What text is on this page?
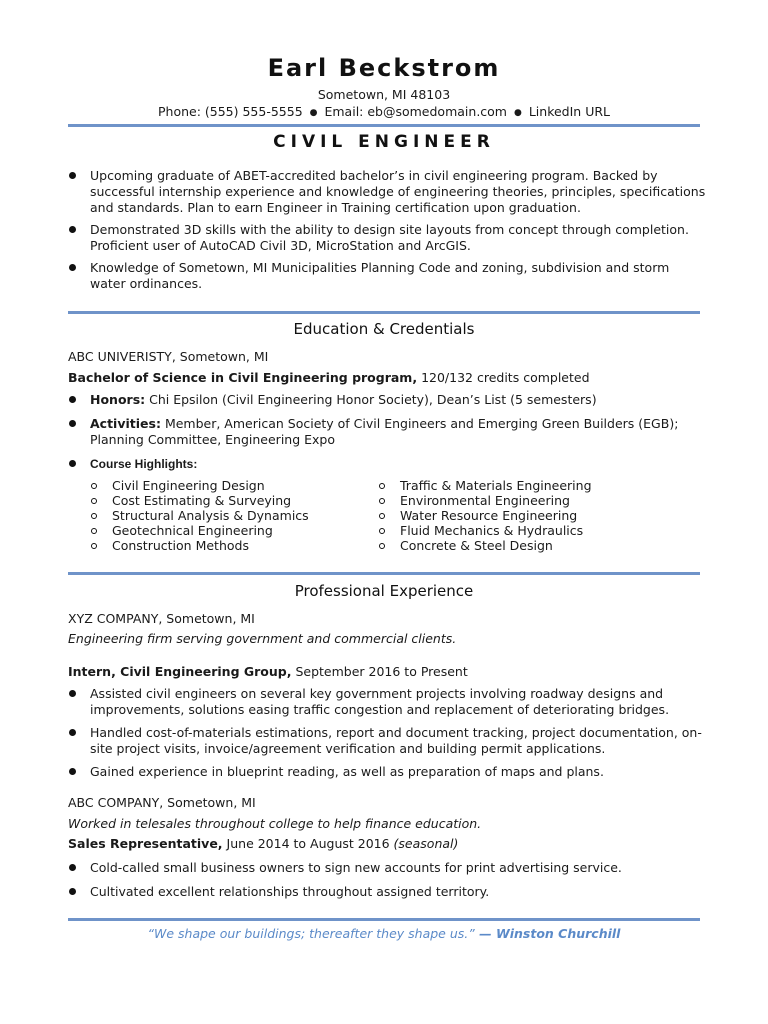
Earl Beckstrom
Sometown, MI 48103
Phone: (555) 555-5555 ● Email: eb@somedomain.com ● LinkedIn URL
CIVIL ENGINEER
Upcoming graduate of ABET-accredited bachelor’s in civil engineering program. Backed by successful internship experience and knowledge of engineering theories, principles, specifications and standards. Plan to earn Engineer in Training certification upon graduation.
Demonstrated 3D skills with the ability to design site layouts from concept through completion. Proficient user of AutoCAD Civil 3D, MicroStation and ArcGIS.
Knowledge of Sometown, MI Municipalities Planning Code and zoning, subdivision and storm water ordinances.
Education & Credentials
ABC UNIVERISTY, Sometown, MI
Bachelor of Science in Civil Engineering program, 120/132 credits completed
Honors: Chi Epsilon (Civil Engineering Honor Society), Dean’s List (5 semesters)
Activities: Member, American Society of Civil Engineers and Emerging Green Builders (EGB); Planning Committee, Engineering Expo
Course Highlights:
Civil Engineering Design
Cost Estimating & Surveying
Structural Analysis & Dynamics
Geotechnical Engineering
Construction Methods
Traffic & Materials Engineering
Environmental Engineering
Water Resource Engineering
Fluid Mechanics & Hydraulics
Concrete & Steel Design
Professional Experience
XYZ COMPANY, Sometown, MI
Engineering firm serving government and commercial clients.
Intern, Civil Engineering Group, September 2016 to Present
Assisted civil engineers on several key government projects involving roadway designs and improvements, solutions easing traffic congestion and replacement of deteriorating bridges.
Handled cost-of-materials estimations, report and document tracking, project documentation, on-site project visits, invoice/agreement verification and building permit applications.
Gained experience in blueprint reading, as well as preparation of maps and plans.
ABC COMPANY, Sometown, MI
Worked in telesales throughout college to help finance education.
Sales Representative, June 2014 to August 2016 (seasonal)
Cold-called small business owners to sign new accounts for print advertising service.
Cultivated excellent relationships throughout assigned territory.
“We shape our buildings; thereafter they shape us.” — Winston Churchill
